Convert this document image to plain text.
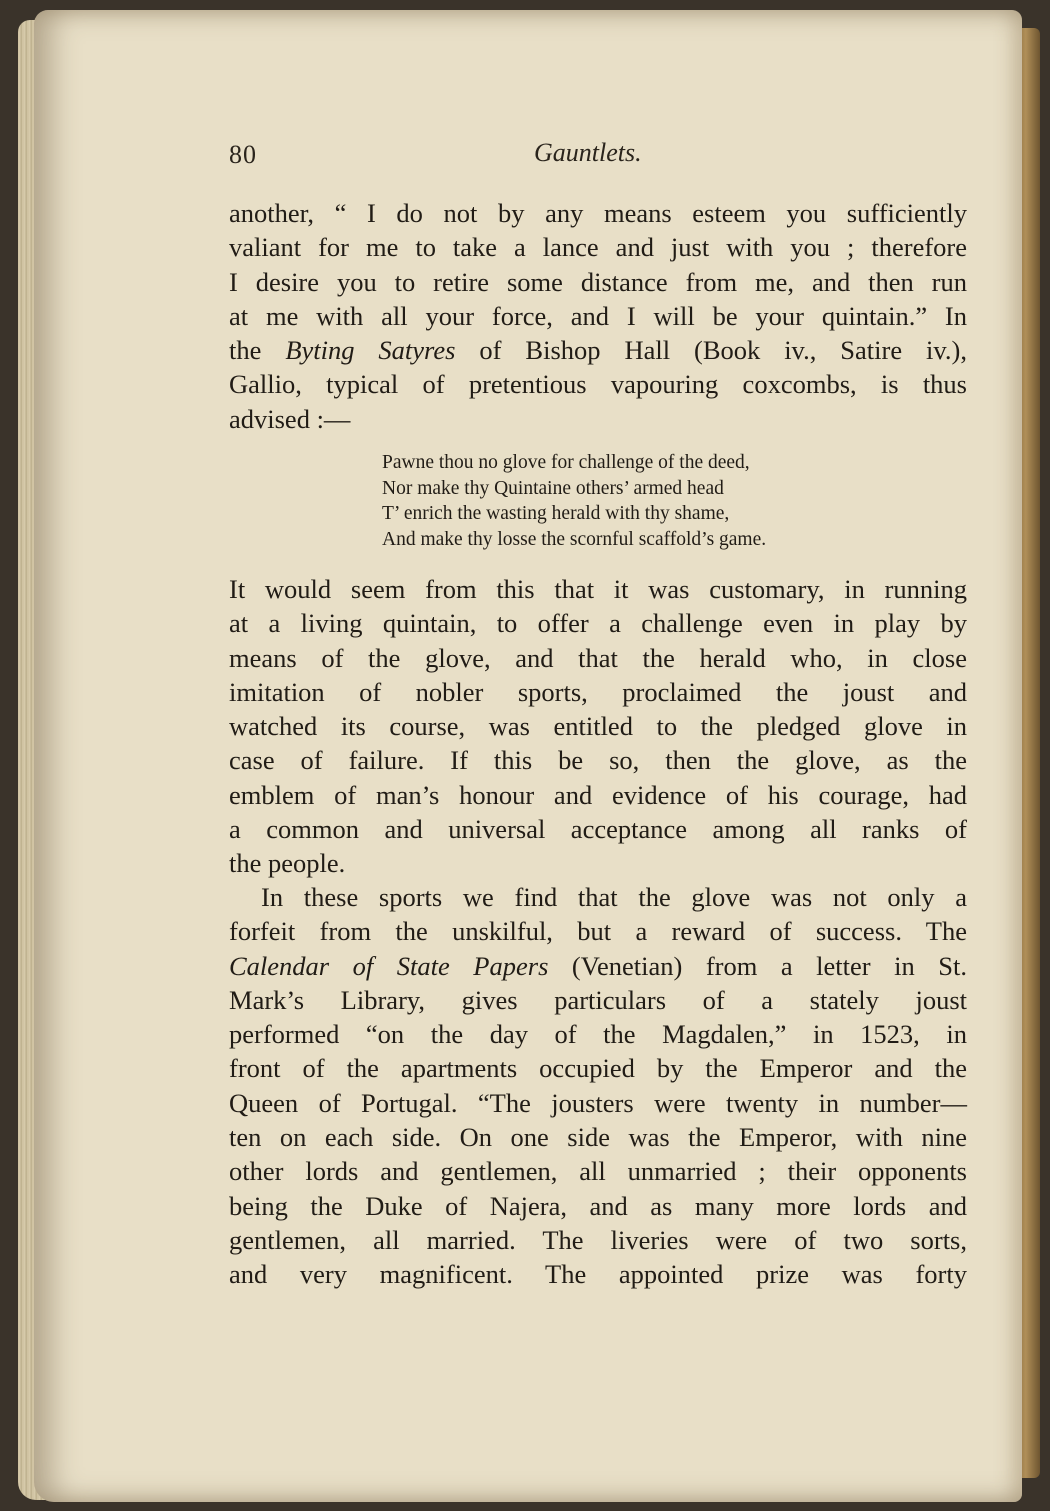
80	Gauntlets.
another, “ I do not by any means esteem you sufficiently
valiant for me to take a lance and just with you ; therefore
I desire you to retire some distance from me, and then run
at me with all your force, and I will be your quintain.” In
the Byting Satyres of Bishop Hall (Book iv., Satire iv.),
Gallio, typical of pretentious vapouring coxcombs, is thus
advised :—
Pawne thou no glove for challenge of the deed,
Nor make thy Quintaine others’ armed head
T’ enrich the wasting herald with thy shame,
And make thy losse the scornful scaffold’s game.
It would seem from this that it was customary, in running
at a living quintain, to offer a challenge even in play by
means of the glove, and that the herald who, in close
imitation of nobler sports, proclaimed the joust and
watched its course, was entitled to the pledged glove in
case of failure. If this be so, then the glove, as the
emblem of man’s honour and evidence of his courage, had
a common and universal acceptance among all ranks of
the people.
In these sports we find that the glove was not only a
forfeit from the unskilful, but a reward of success. The
Calendar of State Papers (Venetian) from a letter in St.
Mark’s Library, gives particulars of a stately joust
performed “on the day of the Magdalen,” in 1523, in
front of the apartments occupied by the Emperor and the
Queen of Portugal. “The jousters were twenty in number—
ten on each side. On one side was the Emperor, with nine
other lords and gentlemen, all unmarried ; their opponents
being the Duke of Najera, and as many more lords and
gentlemen, all married. The liveries were of two sorts,
and very magnificent. The appointed prize was forty
